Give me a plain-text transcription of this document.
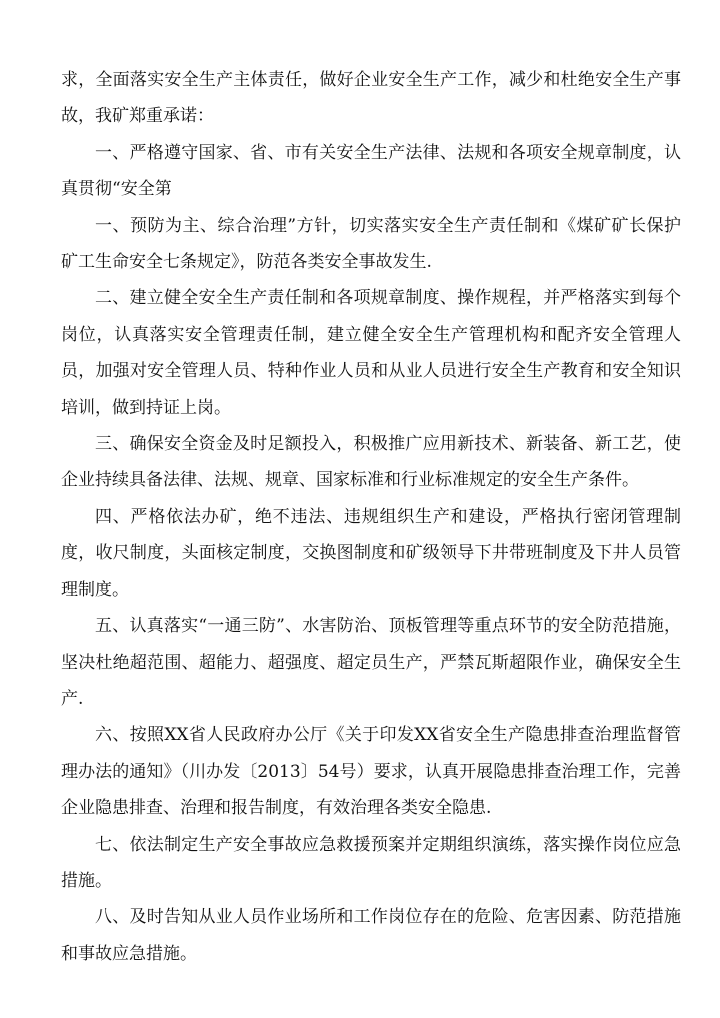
求，全面落实安全生产主体责任，做好企业安全生产工作，减少和杜绝安全生产事故，我矿郑重承诺：

一、严格遵守国家、省、市有关安全生产法律、法规和各项安全规章制度，认真贯彻“安全第

一、预防为主、综合治理”方针，切实落实安全生产责任制和《煤矿矿长保护矿工生命安全七条规定》，防范各类安全事故发生.

二、建立健全安全生产责任制和各项规章制度、操作规程，并严格落实到每个岗位，认真落实安全管理责任制，建立健全安全生产管理机构和配齐安全管理人员，加强对安全管理人员、特种作业人员和从业人员进行安全生产教育和安全知识培训，做到持证上岗。

三、确保安全资金及时足额投入，积极推广应用新技术、新装备、新工艺，使企业持续具备法律、法规、规章、国家标准和行业标准规定的安全生产条件。

四、严格依法办矿，绝不违法、违规组织生产和建设，严格执行密闭管理制度，收尺制度，头面核定制度，交换图制度和矿级领导下井带班制度及下井人员管理制度。

五、认真落实“一通三防”、水害防治、顶板管理等重点环节的安全防范措施，坚决杜绝超范围、超能力、超强度、超定员生产，严禁瓦斯超限作业，确保安全生产.

六、按照XX省人民政府办公厅《关于印发XX省安全生产隐患排查治理监督管理办法的通知》（川办发〔2013〕54号）要求，认真开展隐患排查治理工作，完善企业隐患排查、治理和报告制度，有效治理各类安全隐患.

七、依法制定生产安全事故应急救援预案并定期组织演练，落实操作岗位应急措施。

八、及时告知从业人员作业场所和工作岗位存在的危险、危害因素、防范措施和事故应急措施。
